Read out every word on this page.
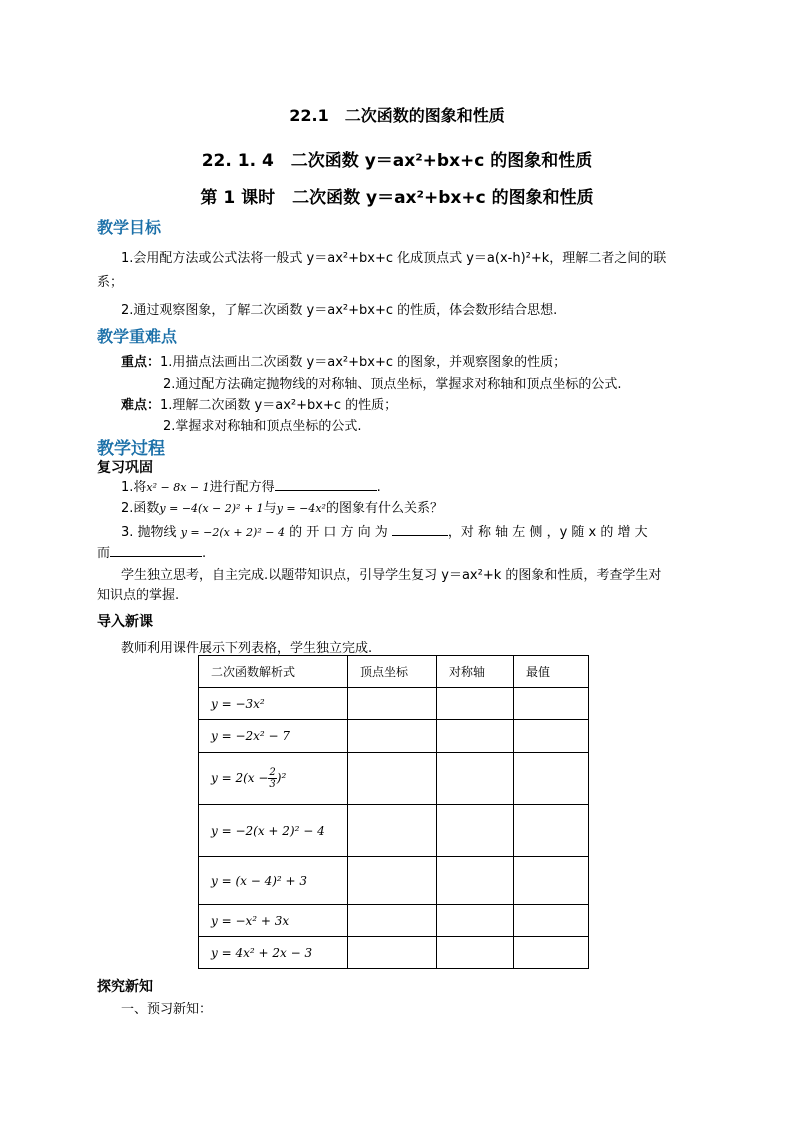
22.1　二次函数的图象和性质
22. 1. 4　二次函数 y＝ax²+bx+c 的图象和性质
第 1 课时　二次函数 y＝ax²+bx+c 的图象和性质
教学目标
1.会用配方法或公式法将一般式 y＝ax²+bx+c 化成顶点式 y＝a(x-h)²+k，理解二者之间的联
系；
2.通过观察图象，了解二次函数 y＝ax²+bx+c 的性质，体会数形结合思想.
教学重难点
重点：1.用描点法画出二次函数 y＝ax²+bx+c 的图象，并观察图象的性质；
2.通过配方法确定抛物线的对称轴、顶点坐标，掌握求对称轴和顶点坐标的公式.
难点：1.理解二次函数 y＝ax²+bx+c 的性质；
2.掌握求对称轴和顶点坐标的公式.
教学过程
复习巩固
1.将x² − 8x − 1进行配方得	.
2.函数y = −4(x − 2)² + 1与y = −4x²的图象有什么关系？
3. 抛物线 y = −2(x + 2)² − 4 的 开 口 方 向 为	，对 称 轴 左 侧 ，y 随 x 的 增 大
而	.
学生独立思考，自主完成.以题带知识点，引导学生复习 y＝ax²+k 的图象和性质，考查学生对
知识点的掌握.
导入新课
教师利用课件展示下列表格，学生独立完成.
二次函数解析式	顶点坐标	对称轴	最值
y = −3x²			
y = −2x² − 7			
$y = 2(x - \frac{2}{3} )^2$			
y = −2(x + 2)² − 4			
y = (x − 4)² + 3			
y = −x² + 3x			
y = 4x² + 2x − 3			
探究新知
一、预习新知：
